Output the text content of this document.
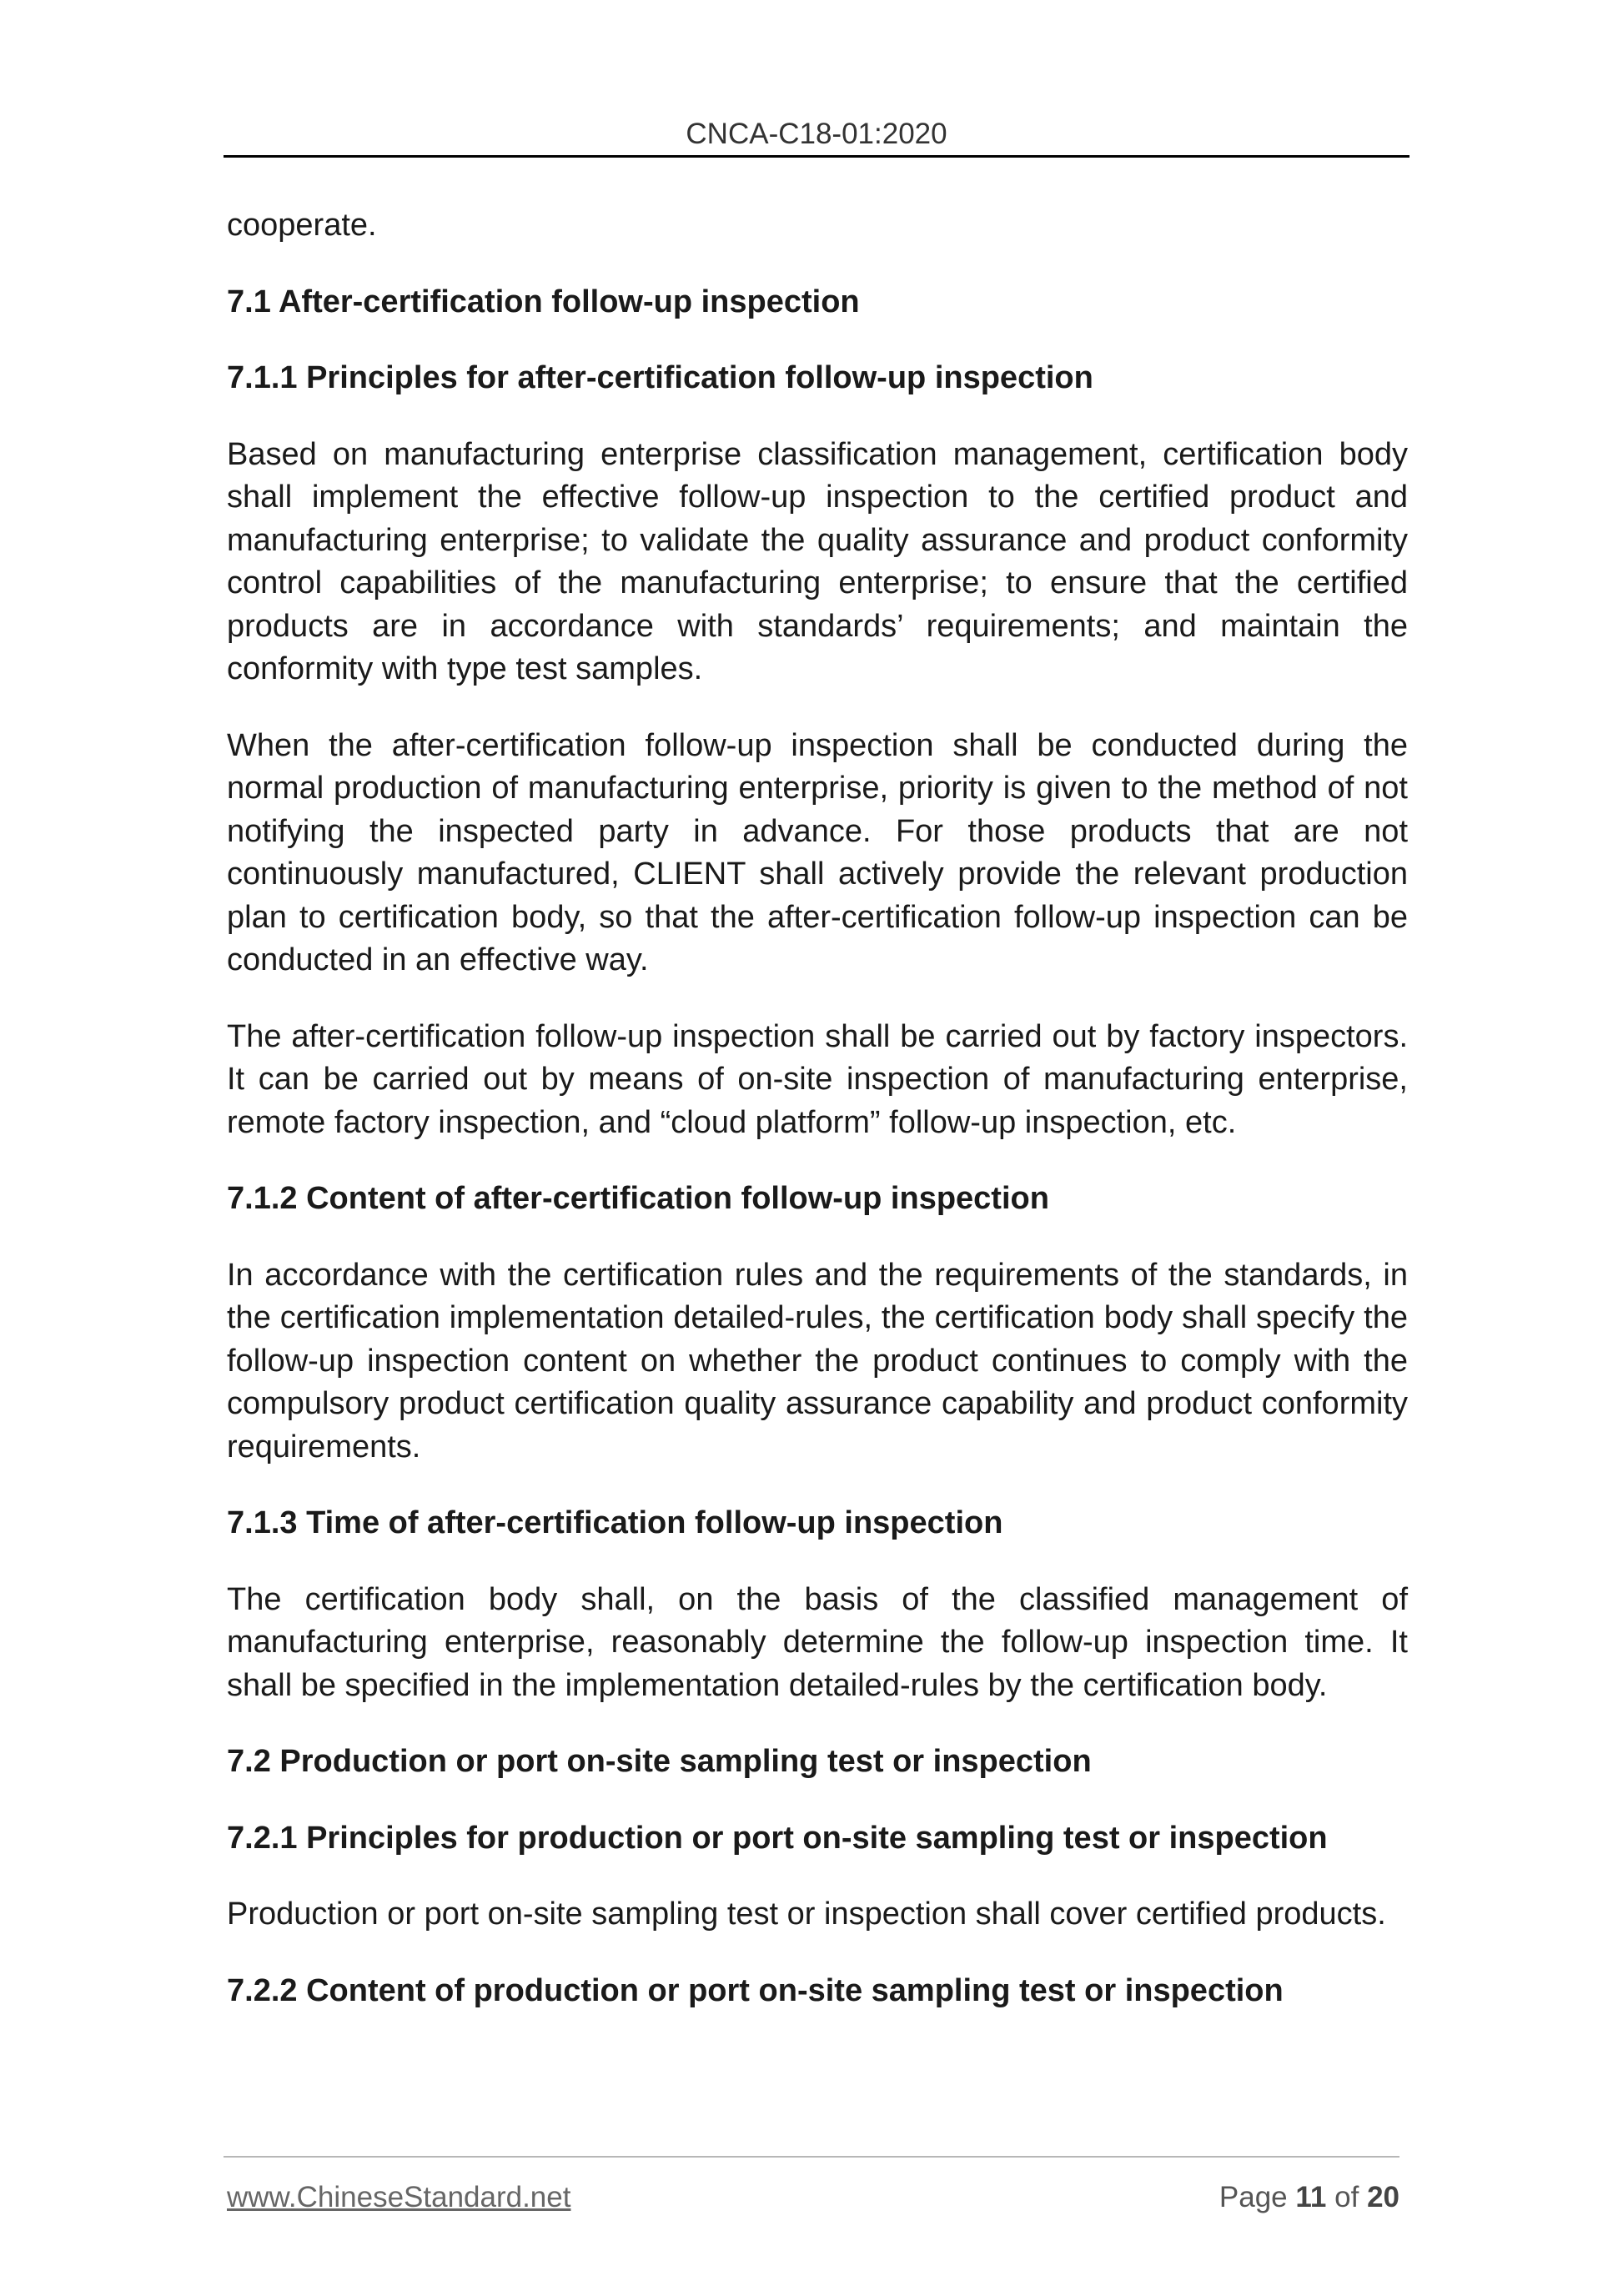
CNCA-C18-01:2020

cooperate.

7.1 After-certification follow-up inspection
7.1.1 Principles for after-certification follow-up inspection

Based on manufacturing enterprise classification management, certification body shall implement the effective follow-up inspection to the certified product and manufacturing enterprise; to validate the quality assurance and product conformity control capabilities of the manufacturing enterprise; to ensure that the certified products are in accordance with standards’ requirements; and maintain the conformity with type test samples.

When the after-certification follow-up inspection shall be conducted during the normal production of manufacturing enterprise, priority is given to the method of not notifying the inspected party in advance. For those products that are not continuously manufactured, CLIENT shall actively provide the relevant production plan to certification body, so that the after-certification follow-up inspection can be conducted in an effective way.

The after-certification follow-up inspection shall be carried out by factory inspectors. It can be carried out by means of on-site inspection of manufacturing enterprise, remote factory inspection, and “cloud platform” follow-up inspection, etc.

7.1.2 Content of after-certification follow-up inspection

In accordance with the certification rules and the requirements of the standards, in the certification implementation detailed-rules, the certification body shall specify the follow-up inspection content on whether the product continues to comply with the compulsory product certification quality assurance capability and product conformity requirements.

7.1.3 Time of after-certification follow-up inspection

The certification body shall, on the basis of the classified management of manufacturing enterprise, reasonably determine the follow-up inspection time. It shall be specified in the implementation detailed-rules by the certification body.

7.2 Production or port on-site sampling test or inspection
7.2.1 Principles for production or port on-site sampling test or inspection

Production or port on-site sampling test or inspection shall cover certified products.

7.2.2 Content of production or port on-site sampling test or inspection
www.ChineseStandard.net	Page 11 of 20
